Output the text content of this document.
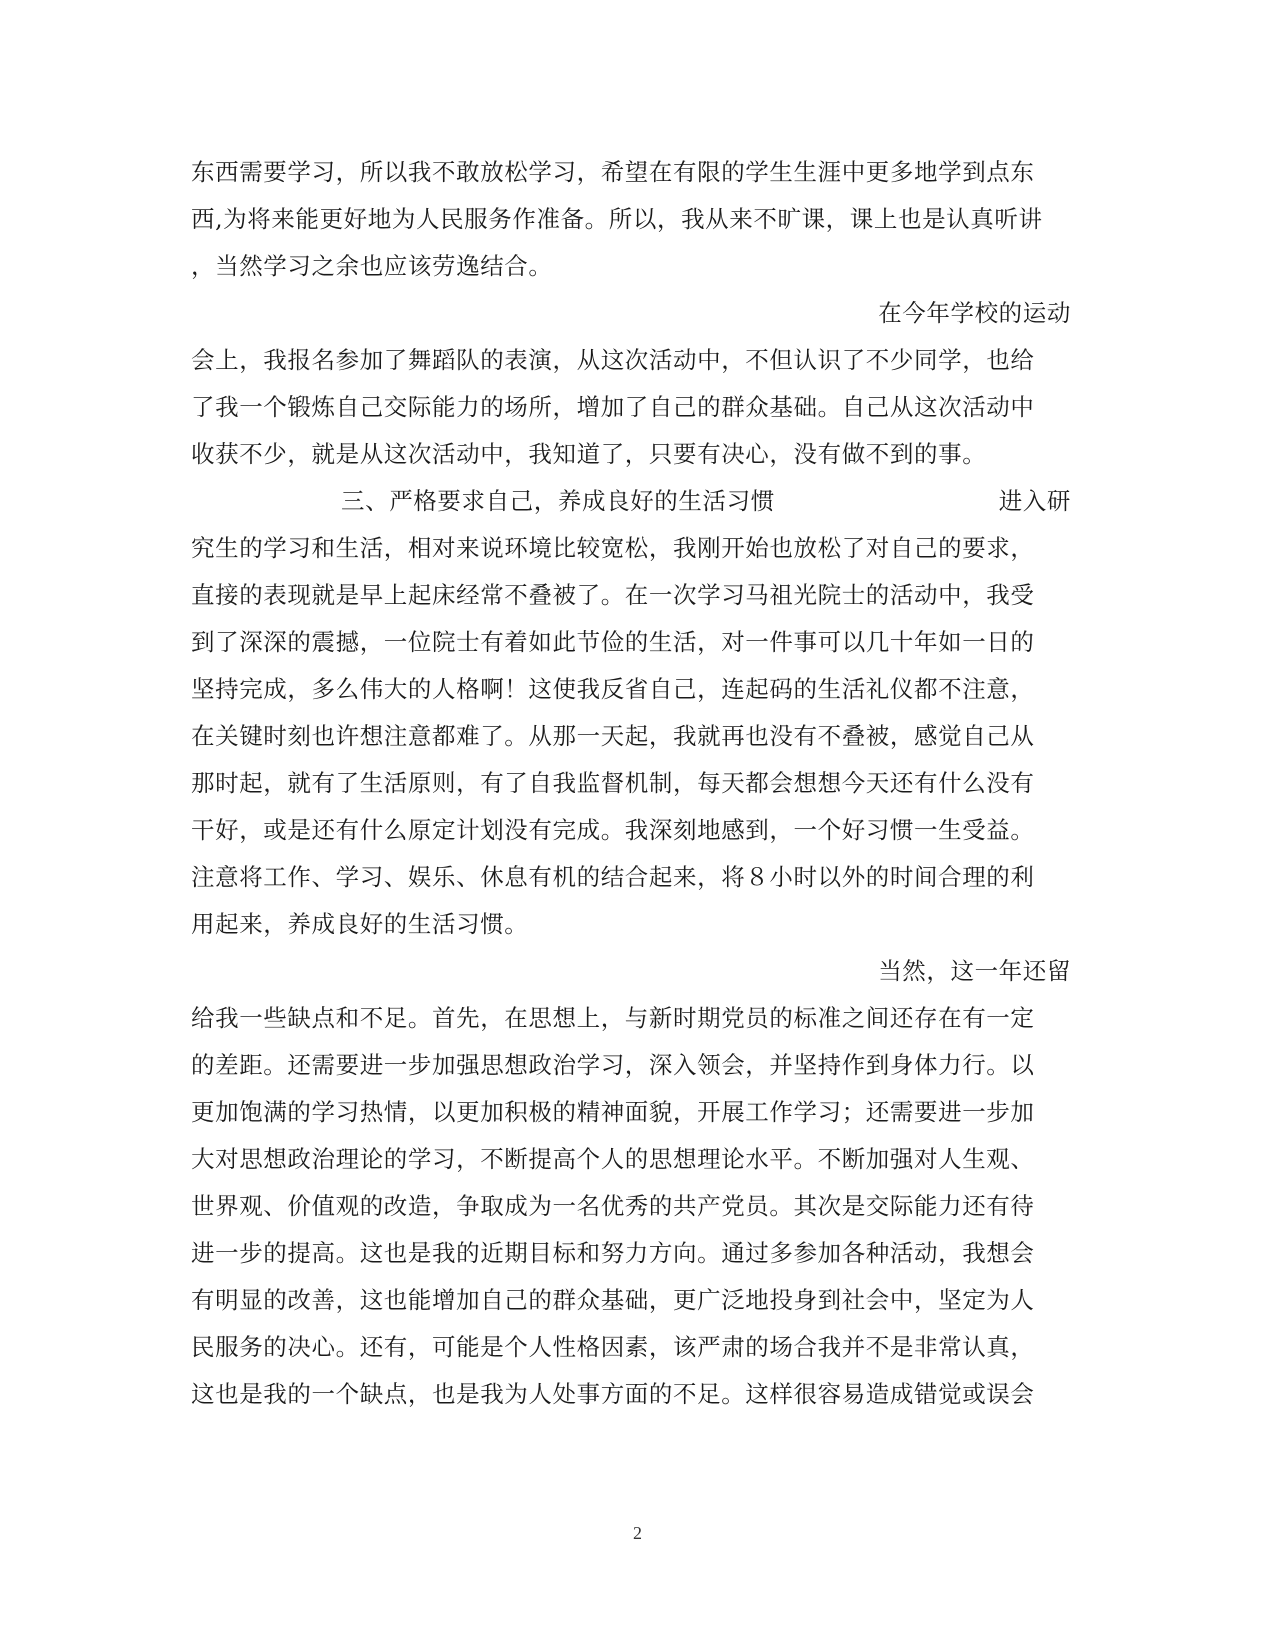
东西需要学习，所以我不敢放松学习，希望在有限的学生生涯中更多地学到点东
西,为将来能更好地为人民服务作准备。所以，我从来不旷课，课上也是认真听讲
，当然学习之余也应该劳逸结合。
在今年学校的运动
会上，我报名参加了舞蹈队的表演，从这次活动中，不但认识了不少同学，也给
了我一个锻炼自己交际能力的场所，增加了自己的群众基础。自己从这次活动中
收获不少，就是从这次活动中，我知道了，只要有决心，没有做不到的事。
三、严格要求自己，养成良好的生活习惯	进入研
究生的学习和生活，相对来说环境比较宽松，我刚开始也放松了对自己的要求，
直接的表现就是早上起床经常不叠被了。在一次学习马祖光院士的活动中，我受
到了深深的震撼，一位院士有着如此节俭的生活，对一件事可以几十年如一日的
坚持完成，多么伟大的人格啊！这使我反省自己，连起码的生活礼仪都不注意，
在关键时刻也许想注意都难了。从那一天起，我就再也没有不叠被，感觉自己从
那时起，就有了生活原则，有了自我监督机制，每天都会想想今天还有什么没有
干好，或是还有什么原定计划没有完成。我深刻地感到，一个好习惯一生受益。
注意将工作、学习、娱乐、休息有机的结合起来，将８小时以外的时间合理的利
用起来，养成良好的生活习惯。
当然，这一年还留
给我一些缺点和不足。首先，在思想上，与新时期党员的标准之间还存在有一定
的差距。还需要进一步加强思想政治学习，深入领会，并坚持作到身体力行。以
更加饱满的学习热情，以更加积极的精神面貌，开展工作学习；还需要进一步加
大对思想政治理论的学习，不断提高个人的思想理论水平。不断加强对人生观、
世界观、价值观的改造，争取成为一名优秀的共产党员。其次是交际能力还有待
进一步的提高。这也是我的近期目标和努力方向。通过多参加各种活动，我想会
有明显的改善，这也能增加自己的群众基础，更广泛地投身到社会中，坚定为人
民服务的决心。还有，可能是个人性格因素，该严肃的场合我并不是非常认真，
这也是我的一个缺点，也是我为人处事方面的不足。这样很容易造成错觉或误会
2
